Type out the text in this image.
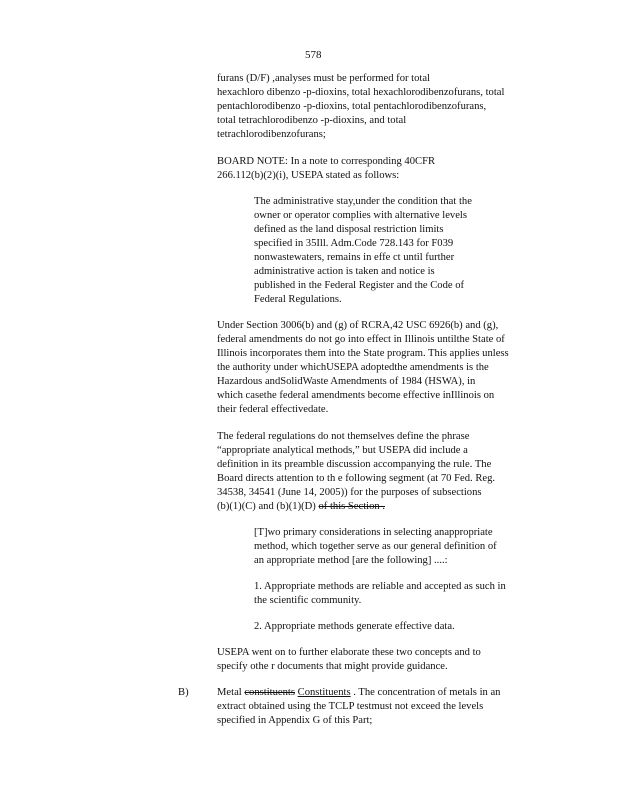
578
furans (D/F) ,analyses must be performed for total
hexachloro dibenzo -p-dioxins, total hexachlorodibenzofurans, total
pentachlorodibenzo -p-dioxins, total pentachlorodibenzofurans,
total tetrachlorodibenzo -p-dioxins, and total
tetrachlorodibenzofurans;
BOARD NOTE: In a note to corresponding 40CFR
266.112(b)(2)(i), USEPA stated as follows:
The administrative stay,under the condition that the
owner or operator complies with alternative levels
defined as the land disposal restriction limits
specified in 35Ill. Adm.Code 728.143 for F039
nonwastewaters, remains in effe ct until further
administrative action is taken and notice is
published in the Federal Register and the Code of
Federal Regulations.
Under Section 3006(b) and (g) of RCRA,42 USC 6926(b) and (g),
federal amendments do not go into effect in Illinois untilthe State of
Illinois incorporates them into the State program. This applies unless
the authority under whichUSEPA adoptedthe amendments is the
Hazardous andSolidWaste Amendments of 1984 (HSWA), in
which casethe federal amendments become effective inIllinois on
their federal effectivedate.
The federal regulations do not themselves define the phrase
“appropriate analytical methods,” but USEPA did include a
definition in its preamble discussion accompanying the rule. The
Board directs attention to th e following segment (at 70 Fed. Reg.
34538, 34541 (June 14, 2005)) for the purposes of subsections
(b)(1)(C) and (b)(1)(D) of this Section .
[T]wo primary considerations in selecting anappropriate
method, which together serve as our general definition of
an appropriate method [are the following] ....:
1. Appropriate methods are reliable and accepted as such in
the scientific community.
2. Appropriate methods generate effective data.
USEPA went on to further elaborate these two concepts and to
specify othe r documents that might provide guidance.
B)	Metal constituents Constituents . The concentration of metals in an
extract obtained using the TCLP testmust not exceed the levels
specified in Appendix G of this Part;
